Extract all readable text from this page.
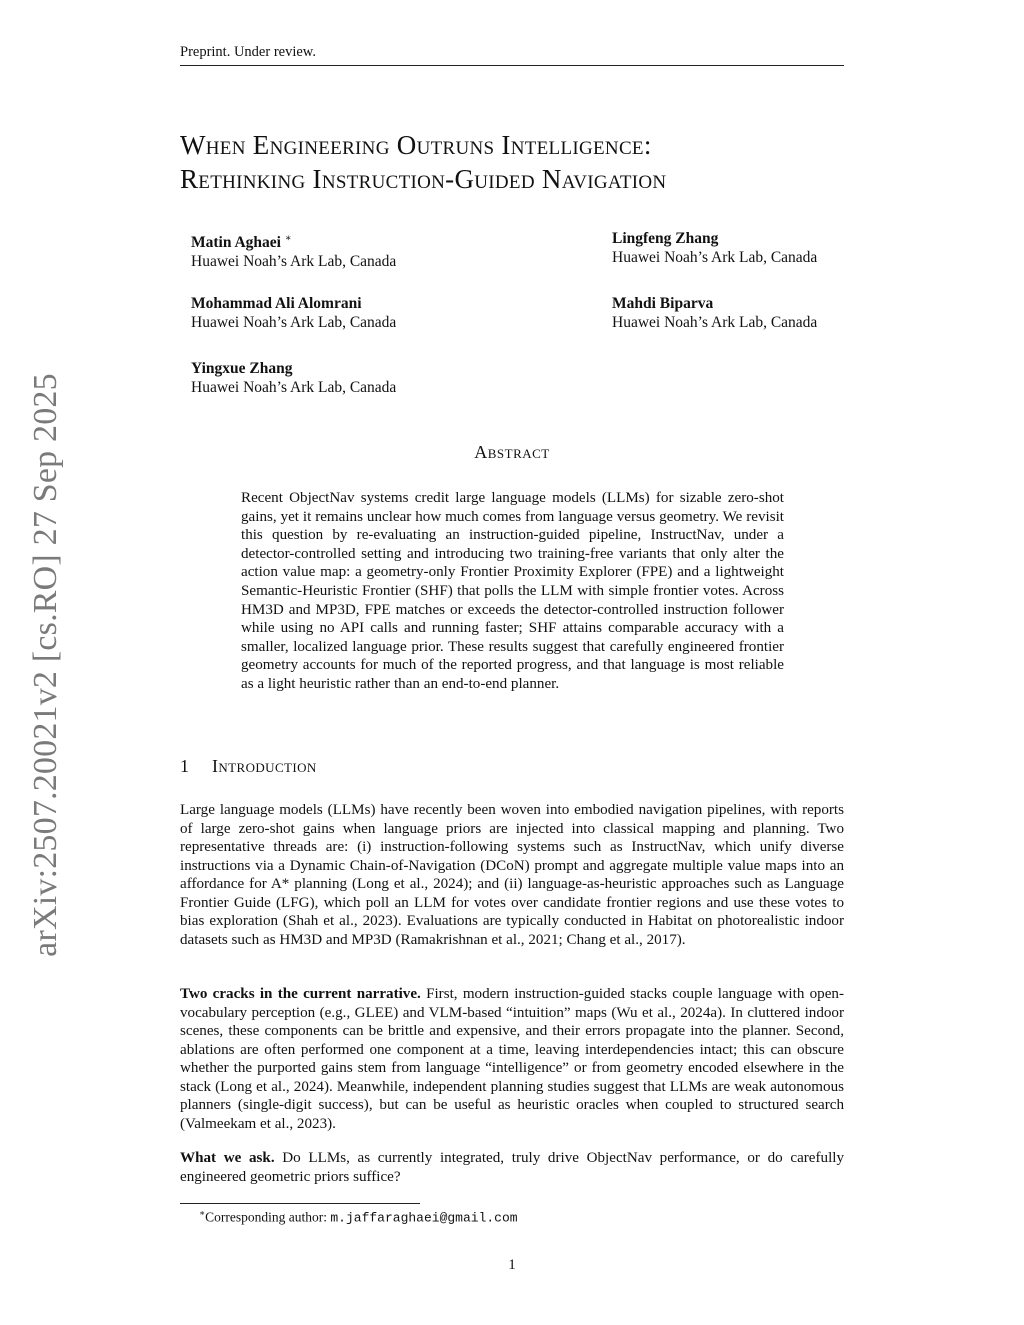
arXiv:2507.20021v2 [cs.RO] 27 Sep 2025
Preprint. Under review.
When Engineering Outruns Intelligence:
Rethinking Instruction-Guided Navigation
Matin Aghaei ∗
Huawei Noah’s Ark Lab, Canada
Lingfeng Zhang
Huawei Noah’s Ark Lab, Canada
Mohammad Ali Alomrani
Huawei Noah’s Ark Lab, Canada
Mahdi Biparva
Huawei Noah’s Ark Lab, Canada
Yingxue Zhang
Huawei Noah’s Ark Lab, Canada
Abstract
Recent ObjectNav systems credit large language models (LLMs) for sizable zero-shot gains, yet it remains unclear how much comes from language versus geometry. We revisit this question by re-evaluating an instruction-guided pipeline, InstructNav, under a detector-controlled setting and introducing two training-free variants that only alter the action value map: a geometry-only Frontier Proximity Explorer (FPE) and a lightweight Semantic-Heuristic Frontier (SHF) that polls the LLM with simple frontier votes. Across HM3D and MP3D, FPE matches or exceeds the detector-controlled instruction follower while using no API calls and running faster; SHF attains comparable accuracy with a smaller, localized language prior. These results suggest that carefully engineered frontier geometry accounts for much of the reported progress, and that language is most reliable as a light heuristic rather than an end-to-end planner.
1 Introduction
Large language models (LLMs) have recently been woven into embodied navigation pipelines, with reports of large zero-shot gains when language priors are injected into classical mapping and planning. Two representative threads are: (i) instruction-following systems such as InstructNav, which unify diverse instructions via a Dynamic Chain-of-Navigation (DCoN) prompt and aggregate multiple value maps into an affordance for A* planning (Long et al., 2024); and (ii) language-as-heuristic approaches such as Language Frontier Guide (LFG), which poll an LLM for votes over candidate frontier regions and use these votes to bias exploration (Shah et al., 2023). Evaluations are typically conducted in Habitat on photorealistic indoor datasets such as HM3D and MP3D (Ramakrishnan et al., 2021; Chang et al., 2017).
Two cracks in the current narrative. First, modern instruction-guided stacks couple language with open-vocabulary perception (e.g., GLEE) and VLM-based “intuition” maps (Wu et al., 2024a). In cluttered indoor scenes, these components can be brittle and expensive, and their errors propagate into the planner. Second, ablations are often performed one component at a time, leaving interdependencies intact; this can obscure whether the purported gains stem from language “intelligence” or from geometry encoded elsewhere in the stack (Long et al., 2024). Meanwhile, independent planning studies suggest that LLMs are weak autonomous planners (single-digit success), but can be useful as heuristic oracles when coupled to structured search (Valmeekam et al., 2023).
What we ask. Do LLMs, as currently integrated, truly drive ObjectNav performance, or do carefully engineered geometric priors suffice?
∗Corresponding author: m.jaffaraghaei@gmail.com
1
